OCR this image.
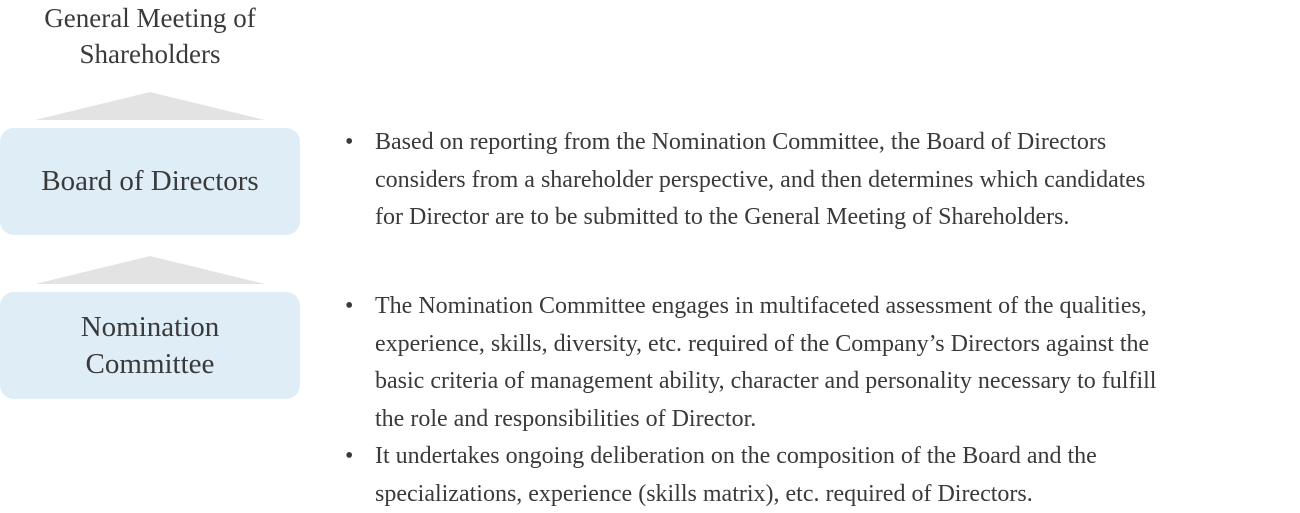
General Meeting of
Shareholders
Board of Directors
Nomination
Committee
• Based on reporting from the Nomination Committee, the Board of Directors
considers from a shareholder perspective, and then determines which candidates
for Director are to be submitted to the General Meeting of Shareholders.
• The Nomination Committee engages in multifaceted assessment of the qualities,
experience, skills, diversity, etc. required of the Company’s Directors against the
basic criteria of management ability, character and personality necessary to fulfill
the role and responsibilities of Director.
• It undertakes ongoing deliberation on the composition of the Board and the
specializations, experience (skills matrix), etc. required of Directors.
